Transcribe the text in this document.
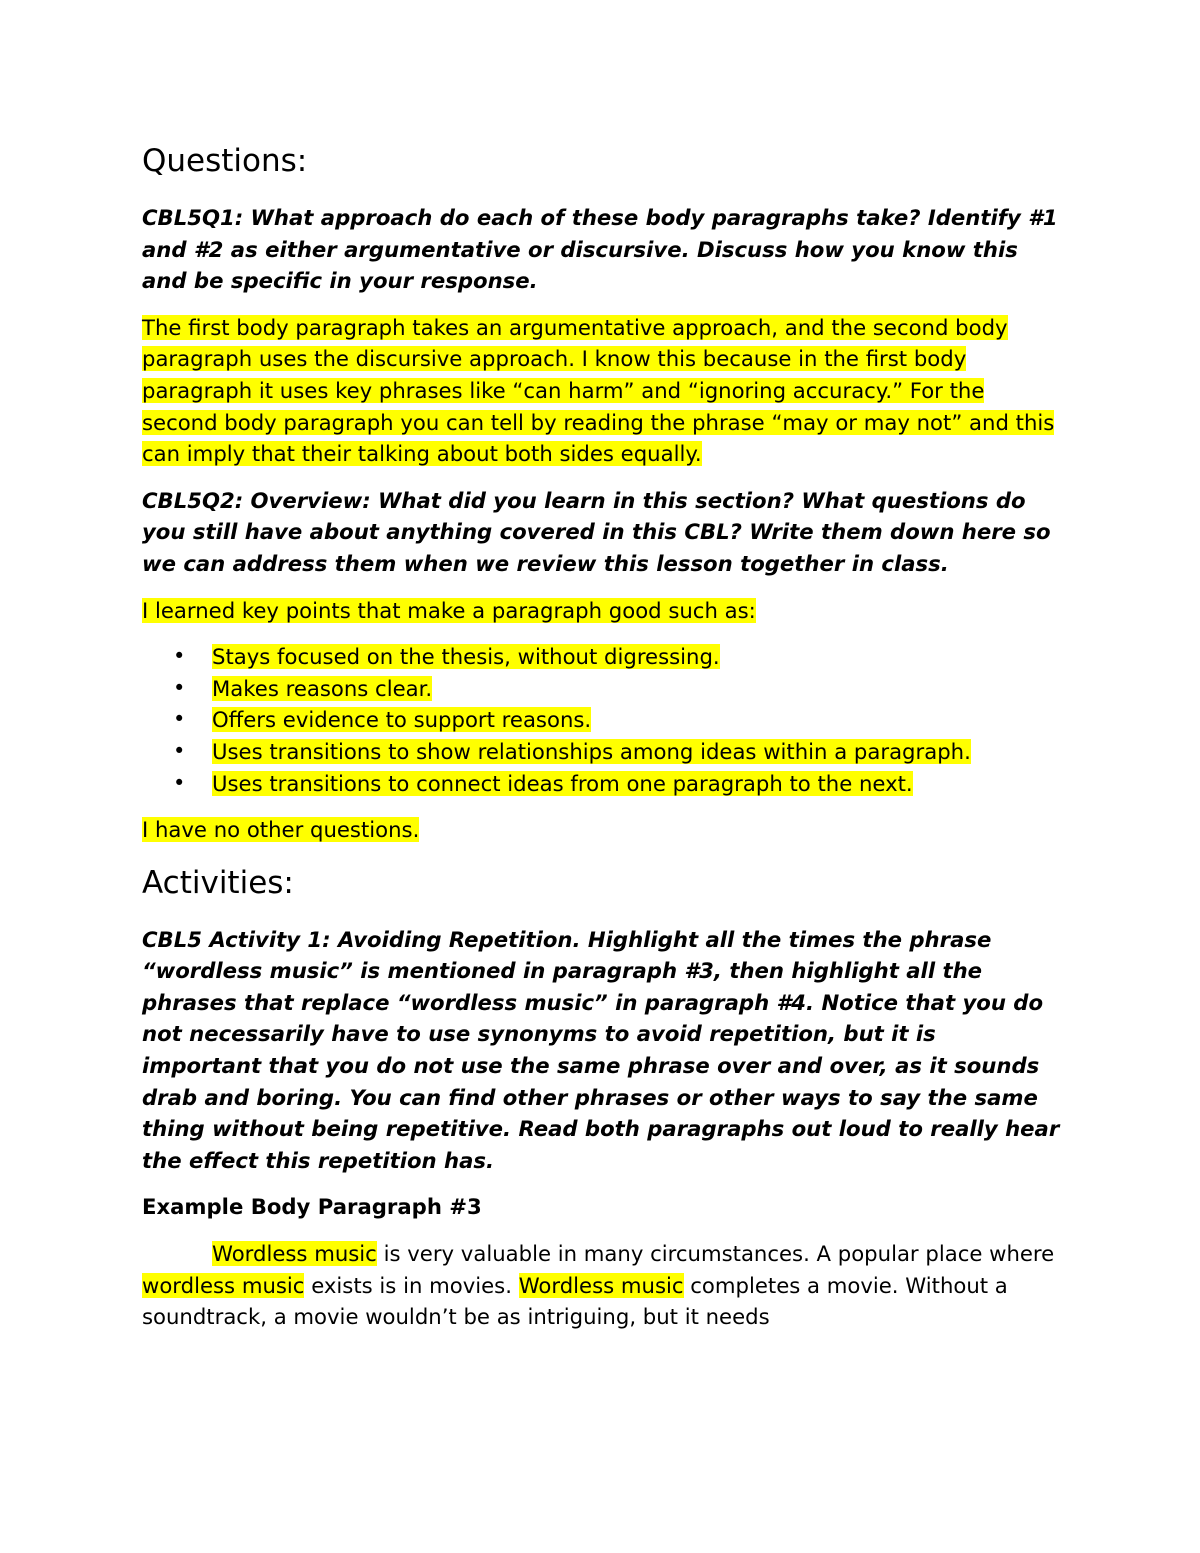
Questions:

CBL5Q1: What approach do each of these body paragraphs take? Identify #1 and #2 as either argumentative or discursive. Discuss how you know this and be specific in your response.

The first body paragraph takes an argumentative approach, and the second body paragraph uses the discursive approach. I know this because in the first body paragraph it uses key phrases like “can harm” and “ignoring accuracy.” For the second body paragraph you can tell by reading the phrase “may or may not” and this can imply that their talking about both sides equally.

CBL5Q2: Overview: What did you learn in this section? What questions do you still have about anything covered in this CBL? Write them down here so we can address them when we review this lesson together in class.

I learned key points that make a paragraph good such as:

• Stays focused on the thesis, without digressing.
• Makes reasons clear.
• Offers evidence to support reasons.
• Uses transitions to show relationships among ideas within a paragraph.
• Uses transitions to connect ideas from one paragraph to the next.

I have no other questions.

Activities:

CBL5 Activity 1: Avoiding Repetition. Highlight all the times the phrase “wordless music” is mentioned in paragraph #3, then highlight all the phrases that replace “wordless music” in paragraph #4. Notice that you do not necessarily have to use synonyms to avoid repetition, but it is important that you do not use the same phrase over and over, as it sounds drab and boring. You can find other phrases or other ways to say the same thing without being repetitive. Read both paragraphs out loud to really hear the effect this repetition has.

Example Body Paragraph #3

Wordless music is very valuable in many circumstances. A popular place where wordless music exists is in movies. Wordless music completes a movie. Without a soundtrack, a movie wouldn’t be as intriguing, but it needs
